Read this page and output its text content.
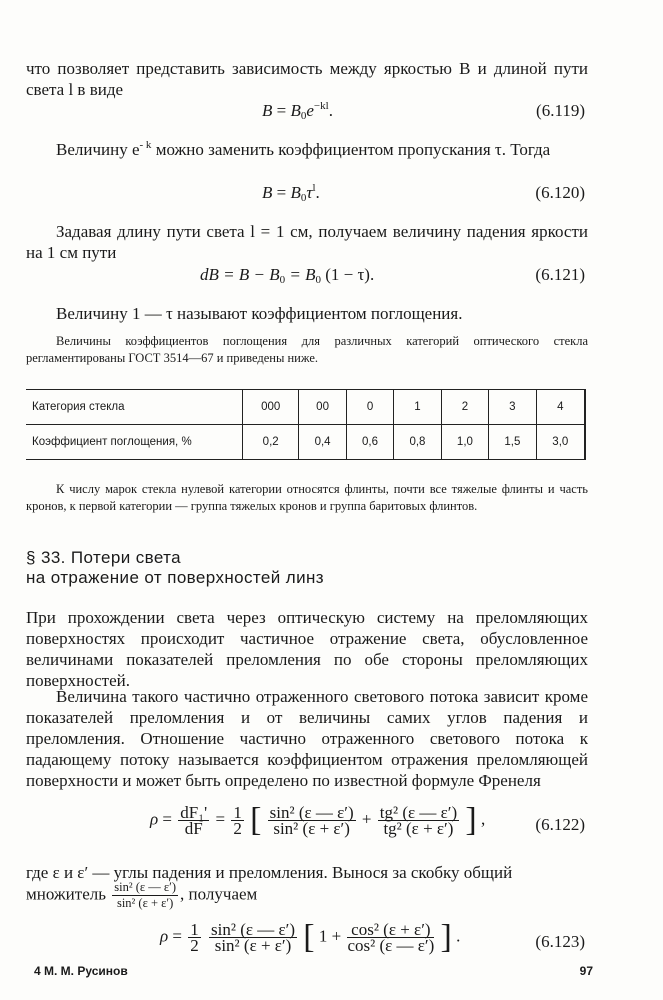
что позволяет представить зависимость между яркостью B и длиной пути света l в виде

$B = B_0e^{-kl}$.	(6.119)

Величину $e^{- k}$ можно заменить коэффициентом пропускания τ. Тогда

$B = B_0\tau^l$.	(6.120)

Задавая длину пути света l = 1 см, получаем величину падения яркости на 1 см пути

dB = $B - B_0 = B_0$ (1 − τ).	(6.121)

Величину 1 — τ называют коэффициентом поглощения.

Величины коэффициентов поглощения для различных категорий оптического стекла регламентированы ГОСТ 3514—67 и приведены ниже.

Категория стекла	000	00	0	1	2	3	4
Коэффициент поглощения, %	0,2	0,4	0,6	0,8	1,0	1,5	3,0

К числу марок стекла нулевой категории относятся флинты, почти все тяжелые флинты и часть кронов, к первой категории — группа тяжелых кронов и группа баритовых флинтов.

§ 33. Потери света
на отражение от поверхностей линз

При прохождении света через оптическую систему на преломляющих поверхностях происходит частичное отражение света, обусловленное величинами показателей преломления по обе стороны преломляющих поверхностей.

Величина такого частично отраженного светового потока зависит кроме показателей преломления и от величины самих углов падения и преломления. Отношение частично отраженного светового потока к падающему потоку называется коэффициентом отражения преломляющей поверхности и может быть определено по известной формуле Френеля

$\rho = \frac{\text{dF₁'}}{dF} = \frac{1}{2}$ [ $\frac{\text{sin² (ε — ε′)}}{\text{sin² (ε + ε′)}} + \frac{\text{tg² (ε — ε′)}}{\text{tg² (ε + ε′)}}$ ] ,	(6.122)

где ε и ε′ — углы падения и преломления. Вынося за скобку общий

множитель $\frac{\text{sin² (ε — ε′)}}{\text{sin² (ε + ε′)}}$ , получаем
$\rho = \frac{1}{2}$
$\frac{\text{sin² (ε — ε′)}}{\text{sin² (ε + ε′)}}$ [ $1 + \frac{\text{cos² (ε + ε′)}}{\text{cos² (ε — ε′)}}$ ] .	(6.123)
4 М. М. Русинов	97
